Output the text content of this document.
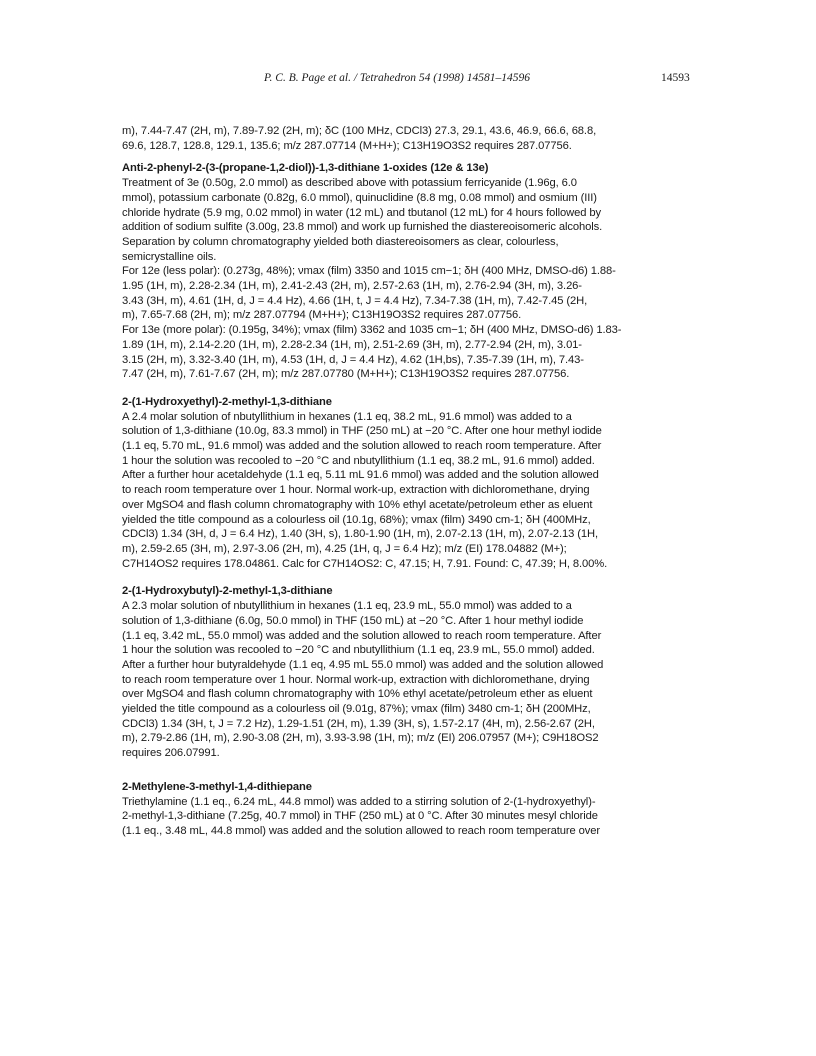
P. C. B. Page et al. / Tetrahedron 54 (1998) 14581–14596	14593
m), 7.44-7.47 (2H, m), 7.89-7.92 (2H, m); δC (100 MHz, CDCl3) 27.3, 29.1, 43.6, 46.9, 66.6, 68.8,
69.6, 128.7, 128.8, 129.1, 135.6; m/z 287.07714 (M+H+); C13H19O3S2 requires 287.07756.
Anti-2-phenyl-2-(3-(propane-1,2-diol))-1,3-dithiane 1-oxides (12e & 13e)
Treatment of 3e (0.50g, 2.0 mmol) as described above with potassium ferricyanide (1.96g, 6.0
mmol), potassium carbonate (0.82g, 6.0 mmol), quinuclidine (8.8 mg, 0.08 mmol) and osmium (III)
chloride hydrate (5.9 mg, 0.02 mmol) in water (12 mL) and tbutanol (12 mL) for 4 hours followed by
addition of sodium sulfite (3.00g, 23.8 mmol) and work up furnished the diastereoisomeric alcohols.
Separation by column chromatography yielded both diastereoisomers as clear, colourless,
semicrystalline oils.
For 12e (less polar): (0.273g, 48%); νmax (film) 3350 and 1015 cm−1; δH (400 MHz, DMSO-d6) 1.88-
1.95 (1H, m), 2.28-2.34 (1H, m), 2.41-2.43 (2H, m), 2.57-2.63 (1H, m), 2.76-2.94 (3H, m), 3.26-
3.43 (3H, m), 4.61 (1H, d, J = 4.4 Hz), 4.66 (1H, t, J = 4.4 Hz), 7.34-7.38 (1H, m), 7.42-7.45 (2H,
m), 7.65-7.68 (2H, m); m/z 287.07794 (M+H+); C13H19O3S2 requires 287.07756.
For 13e (more polar): (0.195g, 34%); νmax (film) 3362 and 1035 cm−1; δH (400 MHz, DMSO-d6) 1.83-
1.89 (1H, m), 2.14-2.20 (1H, m), 2.28-2.34 (1H, m), 2.51-2.69 (3H, m), 2.77-2.94 (2H, m), 3.01-
3.15 (2H, m), 3.32-3.40 (1H, m), 4.53 (1H, d, J = 4.4 Hz), 4.62 (1H,bs), 7.35-7.39 (1H, m), 7.43-
7.47 (2H, m), 7.61-7.67 (2H, m); m/z 287.07780 (M+H+); C13H19O3S2 requires 287.07756.
2-(1-Hydroxyethyl)-2-methyl-1,3-dithiane
A 2.4 molar solution of nbutyllithium in hexanes (1.1 eq, 38.2 mL, 91.6 mmol) was added to a
solution of 1,3-dithiane (10.0g, 83.3 mmol) in THF (250 mL) at −20 °C. After one hour methyl iodide
(1.1 eq, 5.70 mL, 91.6 mmol) was added and the solution allowed to reach room temperature. After
1 hour the solution was recooled to −20 °C and nbutyllithium (1.1 eq, 38.2 mL, 91.6 mmol) added.
After a further hour acetaldehyde (1.1 eq, 5.11 mL 91.6 mmol) was added and the solution allowed
to reach room temperature over 1 hour. Normal work-up, extraction with dichloromethane, drying
over MgSO4 and flash column chromatography with 10% ethyl acetate/petroleum ether as eluent
yielded the title compound as a colourless oil (10.1g, 68%); νmax (film) 3490 cm-1; δH (400MHz,
CDCl3) 1.34 (3H, d, J = 6.4 Hz), 1.40 (3H, s), 1.80-1.90 (1H, m), 2.07-2.13 (1H, m), 2.07-2.13 (1H,
m), 2.59-2.65 (3H, m), 2.97-3.06 (2H, m), 4.25 (1H, q, J = 6.4 Hz); m/z (EI) 178.04882 (M+);
C7H14OS2 requires 178.04861. Calc for C7H14OS2: C, 47.15; H, 7.91. Found: C, 47.39; H, 8.00%.
2-(1-Hydroxybutyl)-2-methyl-1,3-dithiane
A 2.3 molar solution of nbutyllithium in hexanes (1.1 eq, 23.9 mL, 55.0 mmol) was added to a
solution of 1,3-dithiane (6.0g, 50.0 mmol) in THF (150 mL) at −20 °C. After 1 hour methyl iodide
(1.1 eq, 3.42 mL, 55.0 mmol) was added and the solution allowed to reach room temperature. After
1 hour the solution was recooled to −20 °C and nbutyllithium (1.1 eq, 23.9 mL, 55.0 mmol) added.
After a further hour butyraldehyde (1.1 eq, 4.95 mL 55.0 mmol) was added and the solution allowed
to reach room temperature over 1 hour. Normal work-up, extraction with dichloromethane, drying
over MgSO4 and flash column chromatography with 10% ethyl acetate/petroleum ether as eluent
yielded the title compound as a colourless oil (9.01g, 87%); νmax (film) 3480 cm-1; δH (200MHz,
CDCl3) 1.34 (3H, t, J = 7.2 Hz), 1.29-1.51 (2H, m), 1.39 (3H, s), 1.57-2.17 (4H, m), 2.56-2.67 (2H,
m), 2.79-2.86 (1H, m), 2.90-3.08 (2H, m), 3.93-3.98 (1H, m); m/z (EI) 206.07957 (M+); C9H18OS2
requires 206.07991.
2-Methylene-3-methyl-1,4-dithiepane
Triethylamine (1.1 eq., 6.24 mL, 44.8 mmol) was added to a stirring solution of 2-(1-hydroxyethyl)-
2-methyl-1,3-dithiane (7.25g, 40.7 mmol) in THF (250 mL) at 0 °C. After 30 minutes mesyl chloride
(1.1 eq., 3.48 mL, 44.8 mmol) was added and the solution allowed to reach room temperature over
